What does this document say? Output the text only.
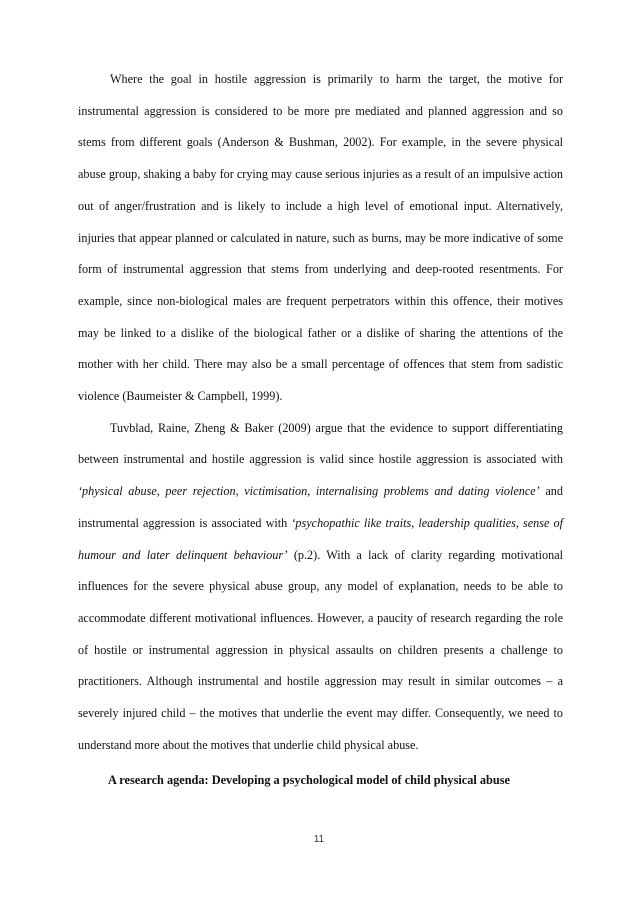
Where the goal in hostile aggression is primarily to harm the target, the motive for instrumental aggression is considered to be more pre mediated and planned aggression and so stems from different goals (Anderson & Bushman, 2002). For example, in the severe physical abuse group, shaking a baby for crying may cause serious injuries as a result of an impulsive action out of anger/frustration and is likely to include a high level of emotional input. Alternatively, injuries that appear planned or calculated in nature, such as burns, may be more indicative of some form of instrumental aggression that stems from underlying and deep-rooted resentments. For example, since non-biological males are frequent perpetrators within this offence, their motives may be linked to a dislike of the biological father or a dislike of sharing the attentions of the mother with her child. There may also be a small percentage of offences that stem from sadistic violence (Baumeister & Campbell, 1999).

Tuvblad, Raine, Zheng & Baker (2009) argue that the evidence to support differentiating between instrumental and hostile aggression is valid since hostile aggression is associated with ‘physical abuse, peer rejection, victimisation, internalising problems and dating violence’ and instrumental aggression is associated with ‘psychopathic like traits, leadership qualities, sense of humour and later delinquent behaviour’ (p.2). With a lack of clarity regarding motivational influences for the severe physical abuse group, any model of explanation, needs to be able to accommodate different motivational influences. However, a paucity of research regarding the role of hostile or instrumental aggression in physical assaults on children presents a challenge to practitioners. Although instrumental and hostile aggression may result in similar outcomes – a severely injured child – the motives that underlie the event may differ. Consequently, we need to understand more about the motives that underlie child physical abuse.

A research agenda: Developing a psychological model of child physical abuse

11
